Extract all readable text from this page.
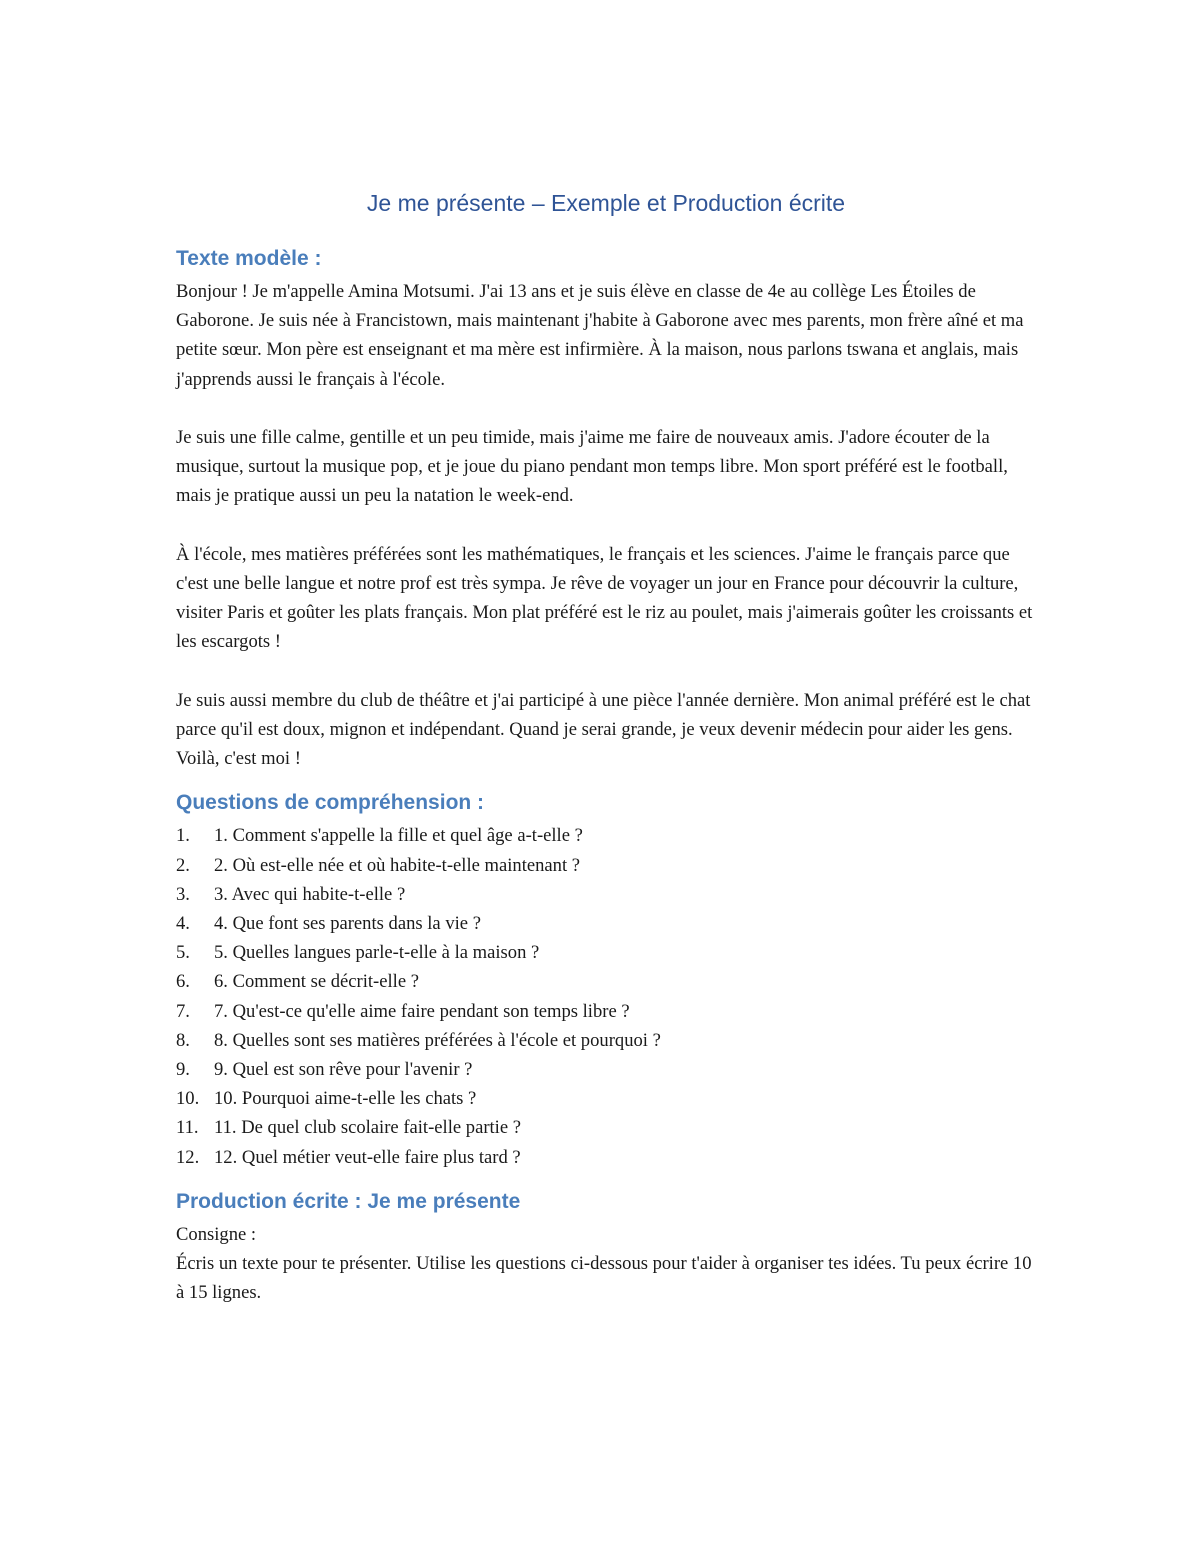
Je me présente – Exemple et Production écrite
Texte modèle :

Bonjour ! Je m'appelle Amina Motsumi. J'ai 13 ans et je suis élève en classe de 4e au collège Les Étoiles de Gaborone. Je suis née à Francistown, mais maintenant j'habite à Gaborone avec mes parents, mon frère aîné et ma petite sœur. Mon père est enseignant et ma mère est infirmière. À la maison, nous parlons tswana et anglais, mais j'apprends aussi le français à l'école.

Je suis une fille calme, gentille et un peu timide, mais j'aime me faire de nouveaux amis. J'adore écouter de la musique, surtout la musique pop, et je joue du piano pendant mon temps libre. Mon sport préféré est le football, mais je pratique aussi un peu la natation le week-end.

À l'école, mes matières préférées sont les mathématiques, le français et les sciences. J'aime le français parce que c'est une belle langue et notre prof est très sympa. Je rêve de voyager un jour en France pour découvrir la culture, visiter Paris et goûter les plats français. Mon plat préféré est le riz au poulet, mais j'aimerais goûter les croissants et les escargots !

Je suis aussi membre du club de théâtre et j'ai participé à une pièce l'année dernière. Mon animal préféré est le chat parce qu'il est doux, mignon et indépendant. Quand je serai grande, je veux devenir médecin pour aider les gens. Voilà, c'est moi !

Questions de compréhension :
1.	1. Comment s'appelle la fille et quel âge a-t-elle ?
2.	2. Où est-elle née et où habite-t-elle maintenant ?
3.	3. Avec qui habite-t-elle ?
4.	4. Que font ses parents dans la vie ?
5.	5. Quelles langues parle-t-elle à la maison ?
6.	6. Comment se décrit-elle ?
7.	7. Qu'est-ce qu'elle aime faire pendant son temps libre ?
8.	8. Quelles sont ses matières préférées à l'école et pourquoi ?
9.	9. Quel est son rêve pour l'avenir ?
10. 10. Pourquoi aime-t-elle les chats ?
11. 11. De quel club scolaire fait-elle partie ?
12. 12. Quel métier veut-elle faire plus tard ?
Production écrite : Je me présente

Consigne :

Écris un texte pour te présenter. Utilise les questions ci-dessous pour t'aider à organiser tes idées. Tu peux écrire 10 à 15 lignes.
